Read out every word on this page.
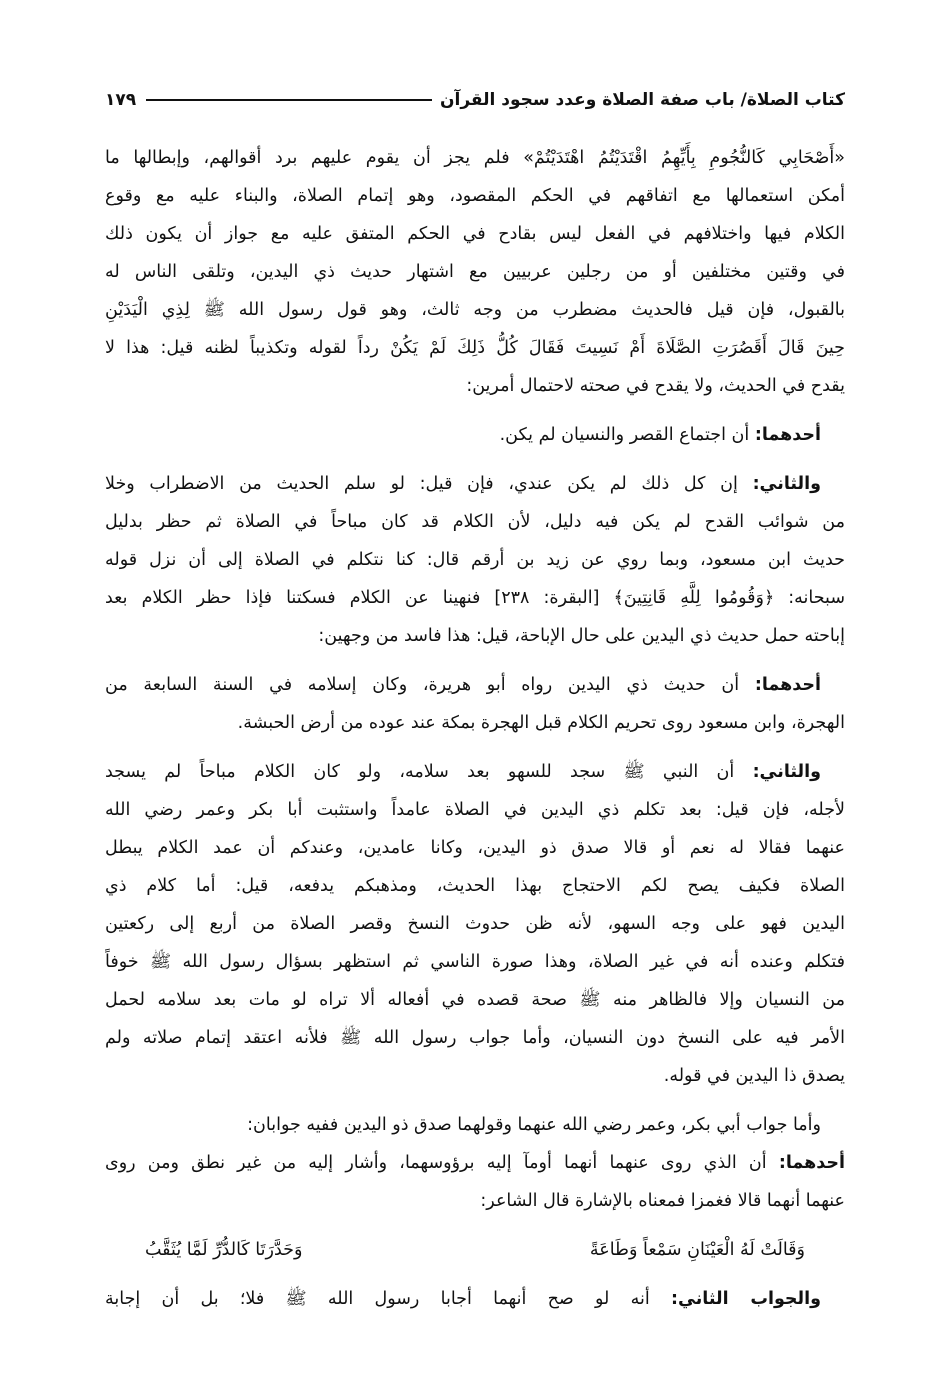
كتاب الصلاة/ باب صفة الصلاة وعدد سجود القرآن
١٧٩
«أَصْحَابِي كَالنُّجُومِ بِأَيِّهِمُ اقْتَدَيْتُمُ اهْتَدَيْتُمْ» فلم يجز أن يقوم عليهم برد أقوالهم، وإبطالها ما
أمكن استعمالها مع اتفاقهم في الحكم المقصود، وهو إتمام الصلاة، والبناء عليه مع وقوع
الكلام فيها واختلافهم في الفعل ليس بقادح في الحكم المتفق عليه مع جواز أن يكون ذلك
في وقتين مختلفين أو من رجلين عربيين مع اشتهار حديث ذي اليدين، وتلقى الناس له
بالقبول، فإن قيل فالحديث مضطرب من وجه ثالث، وهو قول رسول الله ﷺ لِذِي الْيَدَيْنِ
حِينَ قَالَ أَقَصُرَتِ الصَّلَاةَ أَمْ نَسِيتَ فَقَالَ كُلُّ ذَلِكَ لَمْ يَكُنْ رداً لقوله وتكذيباً لظنه قيل: هذا لا
يقدح في الحديث، ولا يقدح في صحته لاحتمال أمرين:
أحدهما: أن اجتماع القصر والنسيان لم يكن.
والثاني: إن كل ذلك لم يكن عندي، فإن قيل: لو سلم الحديث من الاضطراب وخلا
من شوائب القدح لم يكن فيه دليل، لأن الكلام قد كان مباحاً في الصلاة ثم حظر بدليل
حديث ابن مسعود، وبما روي عن زيد بن أرقم قال: كنا نتكلم في الصلاة إلى أن نزل قوله
سبحانه: ﴿وَقُومُوا لِلَّهِ قَانِتِينَ﴾ [البقرة: ٢٣٨] فنهينا عن الكلام فسكتنا فإذا حظر الكلام بعد
إباحته حمل حديث ذي اليدين على حال الإباحة، قيل: هذا فاسد من وجهين:
أحدهما: أن حديث ذي اليدين رواه أبو هريرة، وكان إسلامه في السنة السابعة من
الهجرة، وابن مسعود روى تحريم الكلام قبل الهجرة بمكة عند عوده من أرض الحبشة.
والثاني: أن النبي ﷺ سجد للسهو بعد سلامه، ولو كان الكلام مباحاً لم يسجد
لأجله، فإن قيل: بعد تكلم ذي اليدين في الصلاة عامداً واستثبت أبا بكر وعمر رضي الله
عنهما فقالا له نعم أو قالا صدق ذو اليدين، وكانا عامدين، وعندكم أن عمد الكلام يبطل
الصلاة فكيف يصح لكم الاحتجاج بهذا الحديث، ومذهبكم يدفعه، قيل: أما كلام ذي
اليدين فهو على وجه السهو، لأنه ظن حدوث النسخ وقصر الصلاة من أربع إلى ركعتين
فتكلم وعنده أنه في غير الصلاة، وهذا صورة الناسي ثم استظهر بسؤال رسول الله ﷺ خوفاً
من النسيان وإلا فالظاهر منه ﷺ صحة قصده في أفعاله ألا تراه لو مات بعد سلامه لحمل
الأمر فيه على النسخ دون النسيان، وأما جواب رسول الله ﷺ فلأنه اعتقد إتمام صلاته ولم
يصدق ذا اليدين في قوله.
وأما جواب أبي بكر، وعمر رضي الله عنهما وقولهما صدق ذو اليدين ففيه جوابان:
أحدهما: أن الذي روى عنهما أنهما أومآ إليه برؤوسهما، وأشار إليه من غير نطق ومن روى
عنهما أنهما قالا فغمزا فمعناه بالإشارة قال الشاعر:
وَقَالَتْ لَهُ الْعَيْنَانِ سَمْعاً وَطَاعَةً
وَحَدَّرَتَا كَالدُّرِّ لَمَّا يُثَقَّبُ
والجواب الثاني: أنه لو صح أنهما أجابا رسول الله ﷺ فلا؛ بل أن إجابة
